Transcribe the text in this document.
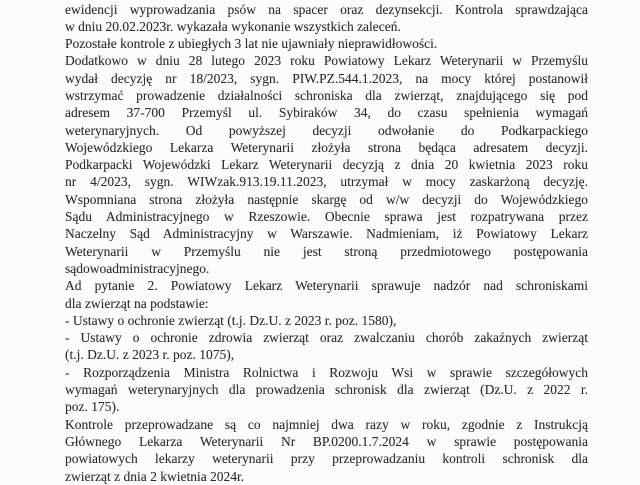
ewidencji wyprowadzania psów na spacer oraz dezynsekcji. Kontrola sprawdzająca
w dniu 20.02.2023r. wykazała wykonanie wszystkich zaleceń.
Pozostałe kontrole z ubiegłych 3 lat nie ujawniały nieprawidłowości.
Dodatkowo w dniu 28 lutego 2023 roku Powiatowy Lekarz Weterynarii w Przemyślu
wydał decyzję nr 18/2023, sygn. PIW.PZ.544.1.2023, na mocy której postanowił
wstrzymać prowadzenie działalności schroniska dla zwierząt, znajdującego się pod
adresem 37-700 Przemyśl ul. Sybiraków 34, do czasu spełnienia wymagań
weterynaryjnych. Od powyższej decyzji odwołanie do Podkarpackiego
Wojewódzkiego Lekarza Weterynarii złożyła strona będąca adresatem decyzji.
Podkarpacki Wojewódzki Lekarz Weterynarii decyzją z dnia 20 kwietnia 2023 roku
nr 4/2023, sygn. WIWzak.913.19.11.2023, utrzymał w mocy zaskarżoną decyzję.
Wspomniana strona złożyła następnie skargę od w/w decyzji do Wojewódzkiego
Sądu Administracyjnego w Rzeszowie. Obecnie sprawa jest rozpatrywana przez
Naczelny Sąd Administracyjny w Warszawie. Nadmieniam, iż Powiatowy Lekarz
Weterynarii w Przemyślu nie jest stroną przedmiotowego postępowania
sądowoadministracyjnego.
Ad pytanie 2. Powiatowy Lekarz Weterynarii sprawuje nadzór nad schroniskami
dla zwierząt na podstawie:
- Ustawy o ochronie zwierząt (t.j. Dz.U. z 2023 r. poz. 1580),
- Ustawy o ochronie zdrowia zwierząt oraz zwalczaniu chorób zakaźnych zwierząt
(t.j. Dz.U. z 2023 r. poz. 1075),
- Rozporządzenia Ministra Rolnictwa i Rozwoju Wsi w sprawie szczegółowych
wymagań weterynaryjnych dla prowadzenia schronisk dla zwierząt (Dz.U. z 2022 r.
poz. 175).
Kontrole przeprowadzane są co najmniej dwa razy w roku, zgodnie z Instrukcją
Głównego Lekarza Weterynarii Nr BP.0200.1.7.2024 w sprawie postępowania
powiatowych lekarzy weterynarii przy przeprowadzaniu kontroli schronisk dla
zwierząt z dnia 2 kwietnia 2024r.
